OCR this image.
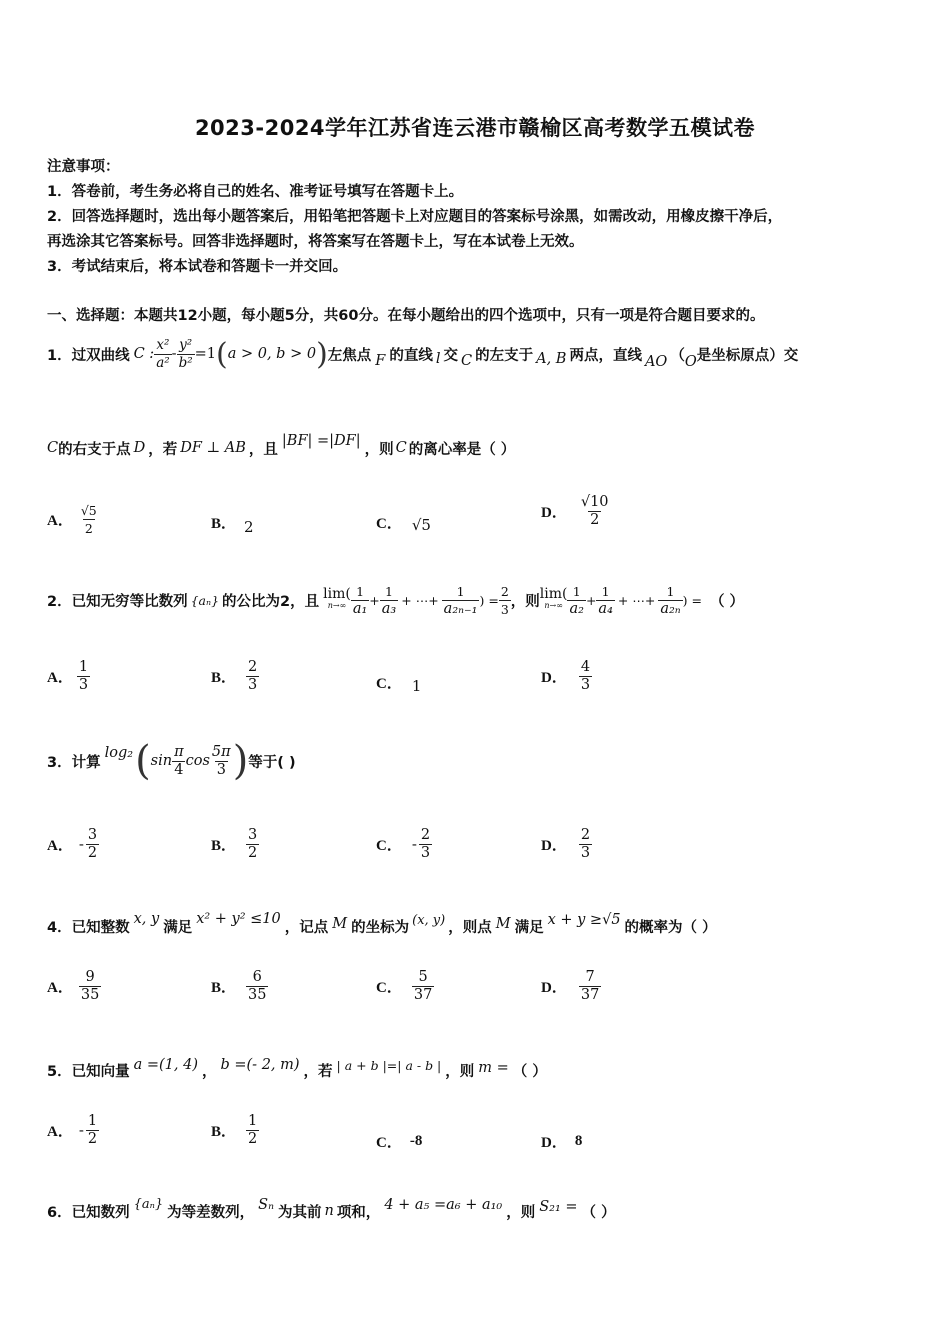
2023-2024学年江苏省连云港市赣榆区高考数学五模试卷
注意事项：
1．答卷前，考生务必将自己的姓名、准考证号填写在答题卡上。
2．回答选择题时，选出每小题答案后，用铅笔把答题卡上对应题目的答案标号涂黑，如需改动，用橡皮擦干净后，
再选涂其它答案标号。回答非选择题时，将答案写在答题卡上，写在本试卷上无效。
3．考试结束后，将本试卷和答题卡一并交回。
一、选择题：本题共12小题，每小题5分，共60分。在每小题给出的四个选项中，只有一项是符合题目要求的。
1．过双曲线 C : $\frac{\text{x²}}{\text{a²}} - \frac{\text{y²}}{\text{b²}} =1$ ( a > 0, b > 0 ) 左焦点 F 的直线 l 交 C 的左支于 A, B 两点，直线 AO （ O 是坐标原点）交
C 的右支于点 D ，若 DF ⊥ AB ，且
|BF| =|DF|
，则 C 的离心率是（ ）
A． $\frac{√5}{2}$	B． 2	C． √5
D． $\frac{√10}{2}$
2．已知无穷等比数列 {aₙ} 的公比为2，且 lim(
$n\to\infty \frac{1}{\text{a₁}} + \frac{1}{\text{a₃}}$ + ⋯+ $\frac{1}{\text{a₂ₙ₋₁}}$ ) = $\frac{2}{3}$ ，则 lim(
$n\to\infty \frac{1}{\text{a₂}} + \frac{1}{\text{a₄}}$ + ⋯+ $\frac{1}{\text{a₂ₙ}}$ ) = （ ）
A． $\frac{1}{3}$	B． $\frac{2}{3}$	C． 1	D． $\frac{4}{3}$
3．计算
log₂ ( $\sin \frac{\pi}{4}$ $\cos \frac{5\pi}{3}$ ) 等于( )
A． - $\frac{3}{2}$	B． $\frac{3}{2}$	C． - $\frac{2}{3}$	D． $\frac{2}{3}$
4．已知整数
x, y
满足
x² + y² ≤10
，记点 M 的坐标为 (x, y) ，则点 M 满足 x + y ≥√5 的概率为（ ）
A． $\frac{9}{35}$	B． $\frac{6}{35}$	C． $\frac{5}{37}$	D． $\frac{7}{37}$
5．已知向量 a =(1, 4) ， b =(- 2, m) ，若 | a + b |=| a - b | ，则 m = （ ）
A． - $\frac{1}{2}$	B． $\frac{1}{2}$	C． -8	D． 8
6．已知数列
{aₙ}
为等差数列， Sₙ 为其前 n 项和， 4 + a₅ =a₆ + a₁₀ ，则 S₂₁ = （ ）
